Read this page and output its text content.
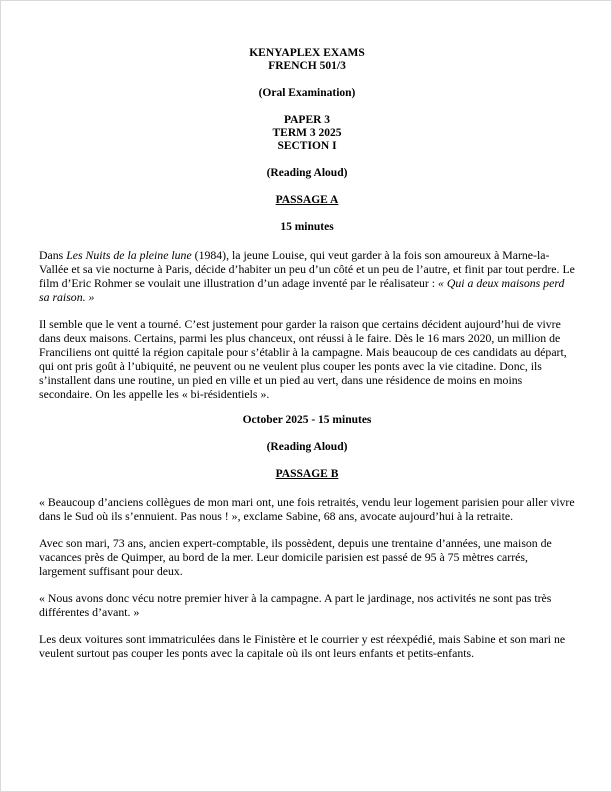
KENYAPLEX EXAMS

FRENCH 501/3

(Oral Examination)

PAPER 3

TERM 3 2025

SECTION I

(Reading Aloud)

PASSAGE A

15 minutes

Dans Les Nuits de la pleine lune (1984), la jeune Louise, qui veut garder à la fois son amoureux à Marne-la-Vallée et sa vie nocturne à Paris, décide d’habiter un peu d’un côté et un peu de l’autre, et finit par tout perdre. Le film d’Eric Rohmer se voulait une illustration d’un adage inventé par le réalisateur : « Qui a deux maisons perd sa raison. »

Il semble que le vent a tourné. C’est justement pour garder la raison que certains décident aujourd’hui de vivre dans deux maisons. Certains, parmi les plus chanceux, ont réussi à le faire. Dès le 16 mars 2020, un million de Franciliens ont quitté la région capitale pour s’établir à la campagne. Mais beaucoup de ces candidats au départ, qui ont pris goût à l’ubiquité, ne peuvent ou ne veulent plus couper les ponts avec la vie citadine. Donc, ils s’installent dans une routine, un pied en ville et un pied au vert, dans une résidence de moins en moins secondaire. On les appelle les « bi-résidentiels ».

October 2025 - 15 minutes

(Reading Aloud)

PASSAGE B

« Beaucoup d’anciens collègues de mon mari ont, une fois retraités, vendu leur logement parisien pour aller vivre dans le Sud où ils s’ennuient. Pas nous ! », exclame Sabine, 68 ans, avocate aujourd’hui à la retraite.

Avec son mari, 73 ans, ancien expert-comptable, ils possèdent, depuis une trentaine d’années, une maison de vacances près de Quimper, au bord de la mer. Leur domicile parisien est passé de 95 à 75 mètres carrés, largement suffisant pour deux.

« Nous avons donc vécu notre premier hiver à la campagne. A part le jardinage, nos activités ne sont pas très différentes d’avant. »

Les deux voitures sont immatriculées dans le Finistère et le courrier y est réexpédié, mais Sabine et son mari ne veulent surtout pas couper les ponts avec la capitale où ils ont leurs enfants et petits-enfants.
